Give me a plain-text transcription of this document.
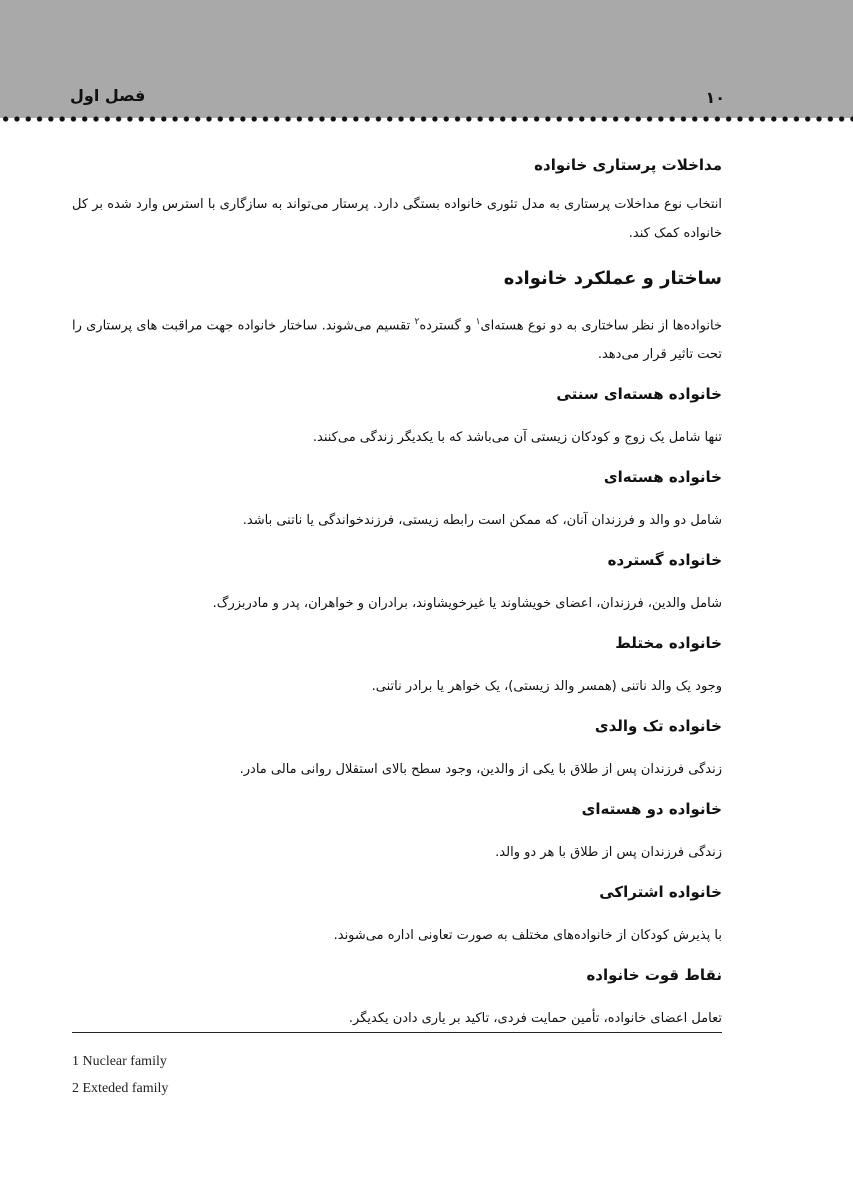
فصل اول	۱۰
مداخلات پرستاری خانواده

انتخاب نوع مداخلات پرستاری به مدل تئوری خانواده بستگی دارد. پرستار می‌تواند به سازگاری با استرس وارد شده بر کل خانواده کمک کند.

ساختار و عملکرد خانواده

خانواده‌ها از نظر ساختاری به دو نوع هسته‌ای$^۱$ و گسترده$^۲$ تقسیم می‌شوند. ساختار خانواده جهت مراقبت های پرستاری را تحت تاثیر قرار می‌دهد.

خانواده هسته‌ای سنتی

تنها شامل یک زوج و کودکان زیستی آن می‌باشد که با یکدیگر زندگی می‌کنند.

خانواده هسته‌ای

شامل دو والد و فرزندان آنان، که ممکن است رابطه زیستی، فرزندخواندگی یا ناتنی باشد.

خانواده گسترده

شامل والدین، فرزندان، اعضای خویشاوند یا غیرخویشاوند، برادران و خواهران، پدر و مادربزرگ.

خانواده مختلط

وجود یک والد ناتنی (همسر والد زیستی)، یک خواهر یا برادر ناتنی.

خانواده تک والدی

زندگی فرزندان پس از طلاق با یکی از والدین، وجود سطح بالای استقلال روانی مالی مادر.

خانواده دو هسته‌ای

زندگی فرزندان پس از طلاق با هر دو والد.

خانواده اشتراکی

با پذیرش کودکان از خانواده‌های مختلف به صورت تعاونی اداره می‌شوند.

نقاط قوت خانواده

تعامل اعضای خانواده، تأمین حمایت فردی، تاکید بر یاری دادن یکدیگر.

1 Nuclear family
2 Exteded family
